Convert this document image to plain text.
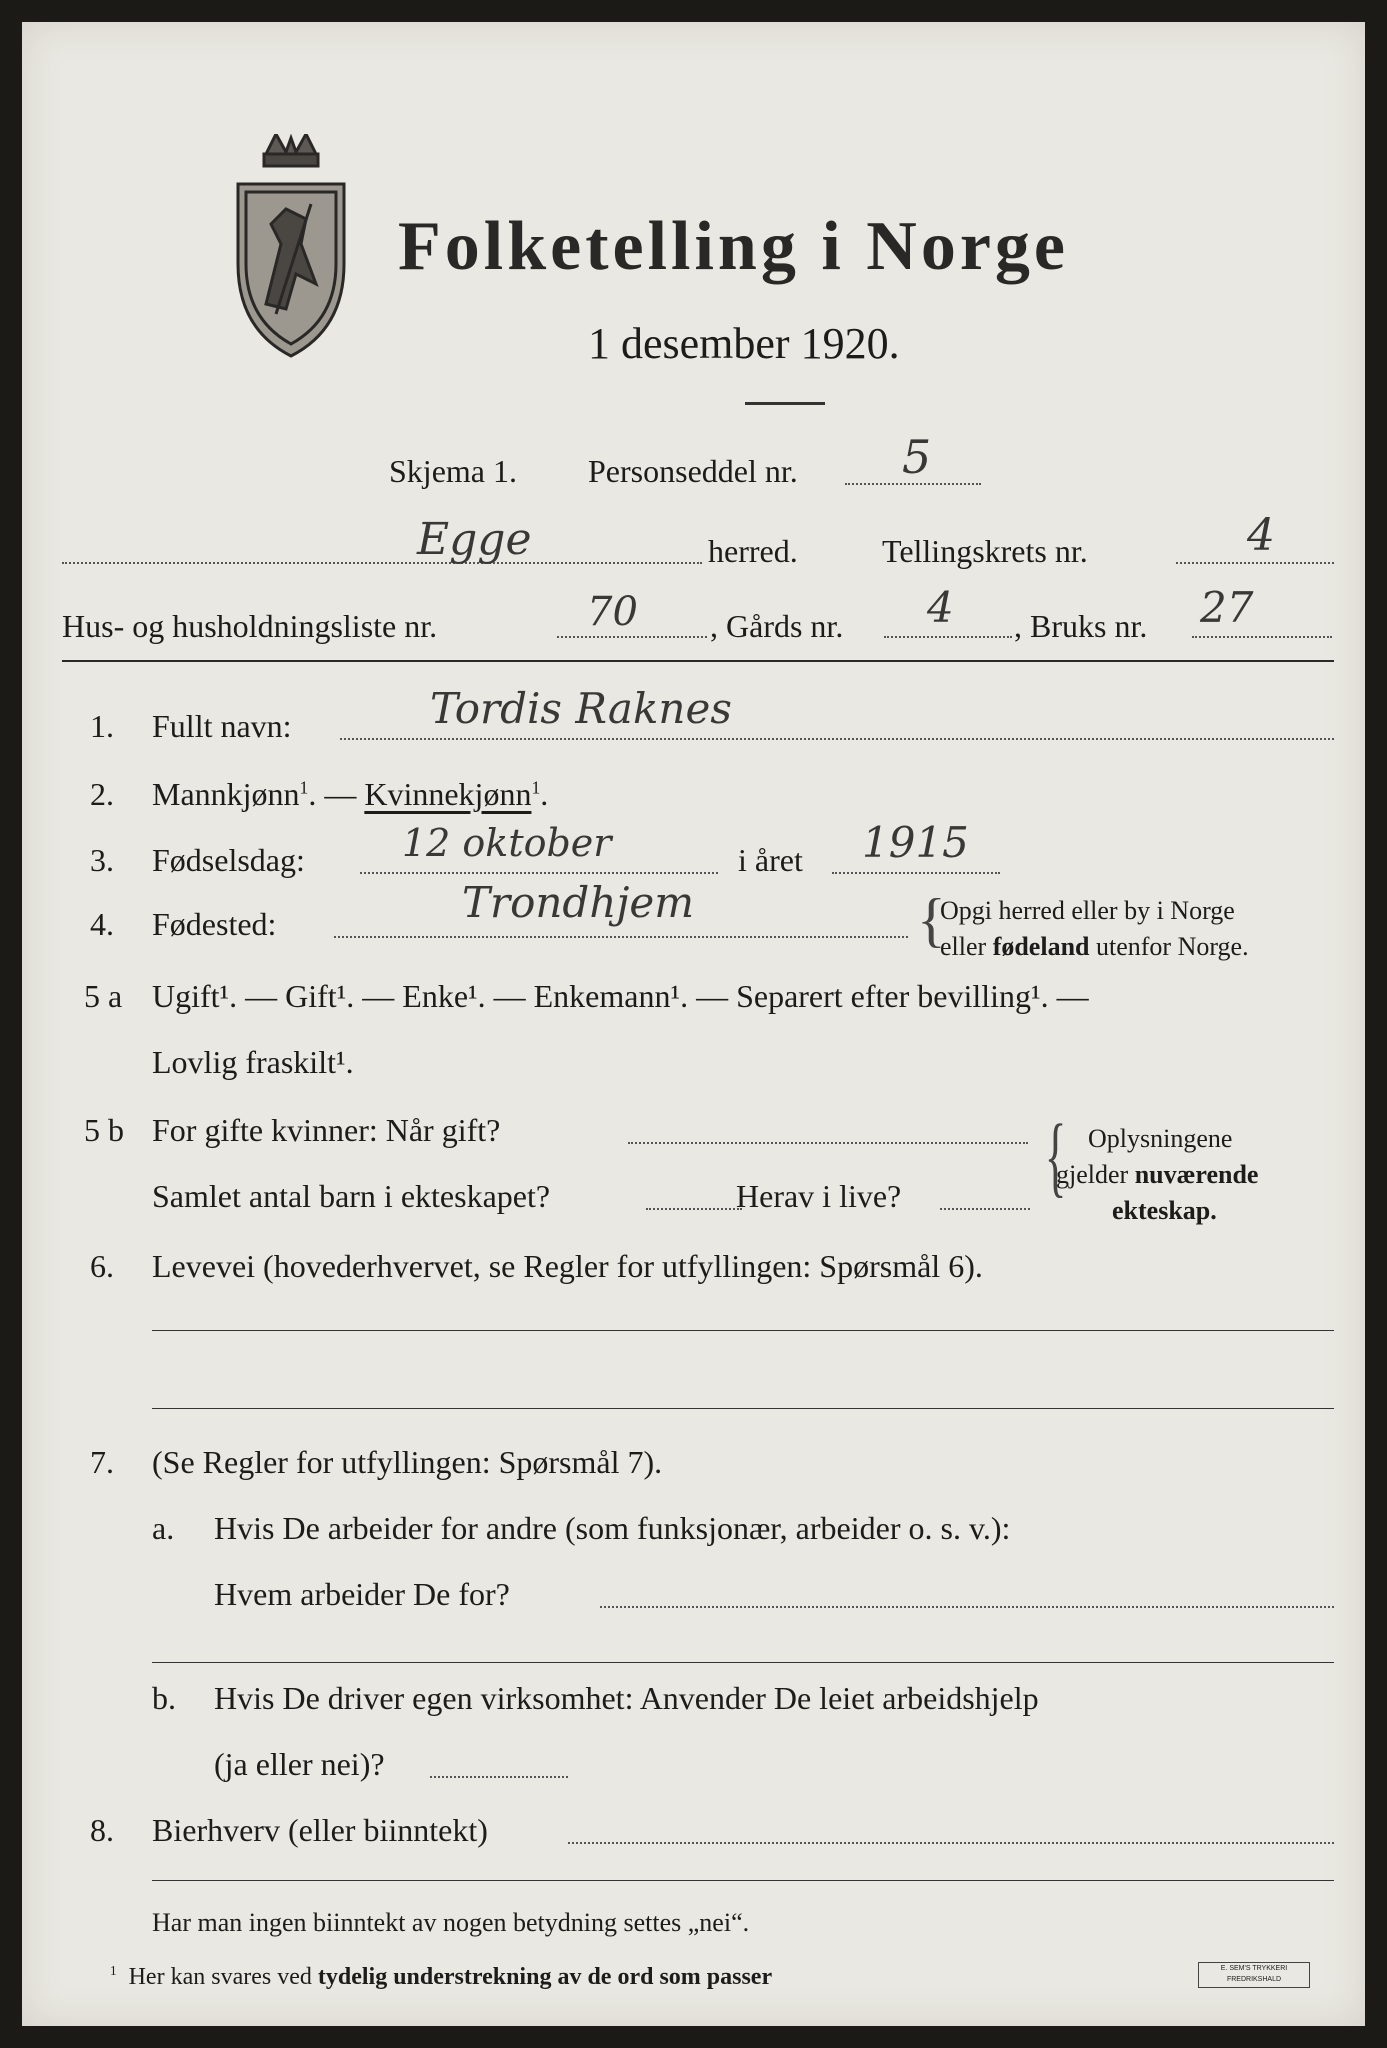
Folketelling i Norge
1 desember 1920.
Skjema 1. Personseddel nr. 5
Egge	herred.	Tellingskrets nr.	4
Hus- og husholdningsliste nr.	70 , Gårds nr. 4 , Bruks nr. 27
1. Fullt navn:	Tordis Raknes
2. Mannkjønn$^1$. — Kvinnekjønn$^1$.
3. Fødselsdag:	12 oktober	i året 1915
4. Fødested:	Trondhjem	{
Opgi herred eller by i Norge
eller fødeland utenfor Norge.
5 a Ugift¹. — Gift¹. — Enke¹. — Enkemann¹. — Separert efter bevilling¹. —
Lovlig fraskilt¹.
5 b For gifte kvinner: Når gift?
Samlet antal barn i ekteskapet?	Herav i live? { Oplysningene
gjelder nuværende
ekteskap.
6. Levevei (hovederhvervet, se Regler for utfyllingen: Spørsmål 6).
7. (Se Regler for utfyllingen: Spørsmål 7).
a. Hvis De arbeider for andre (som funksjonær, arbeider o. s. v.):
Hvem arbeider De for?
b. Hvis De driver egen virksomhet: Anvender De leiet arbeidshjelp
(ja eller nei)?
8. Bierhverv (eller biinntekt)
Har man ingen biinntekt av nogen betydning settes „nei“.
$^1$ Her kan svares ved tydelig understrekning av de ord som passer	E. SEM'S TRYKKERI
FREDRIKSHALD
